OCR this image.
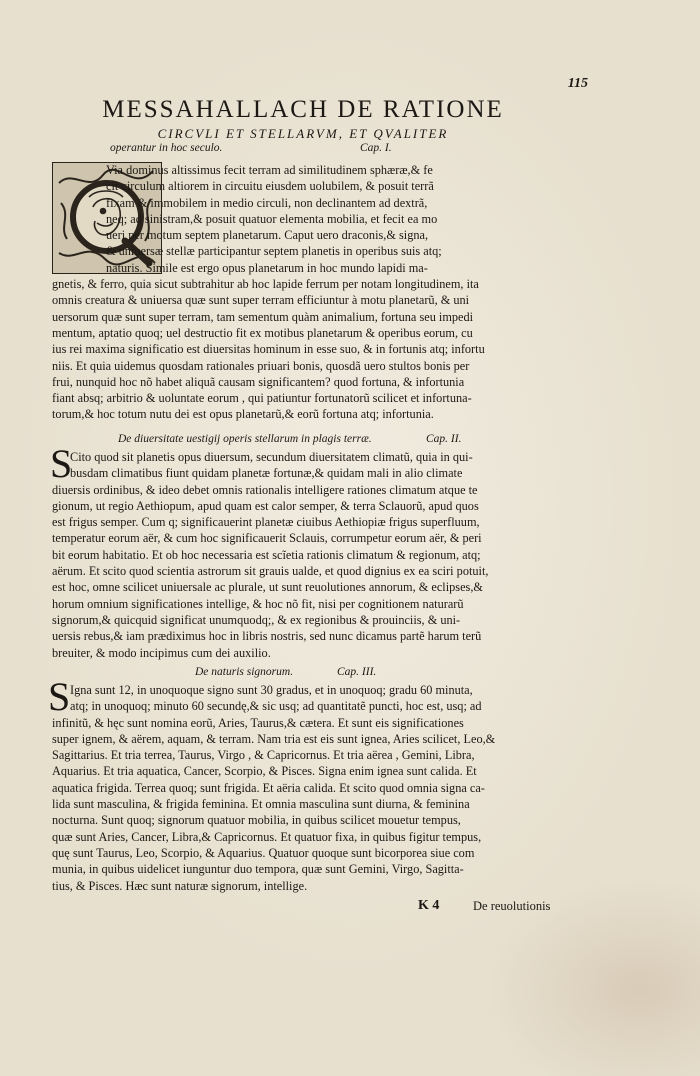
115
MESSAHALLACH DE RATIONE
CIRCVLI ET STELLARVM, ET QVALITER
operantur in hoc seculo.	Cap. I.
Via dominus altissimus fecit terram ad similitudinem sphæræ,& fe
cit circulum altiorem in circuitu eiusdem uolubilem, & posuit terrã
fixam & immobilem in medio circuli, non declinantem ad dextrã,
neq; ad sinistram,& posuit quatuor elementa mobilia, et fecit ea mo
ueri per motum septem planetarum. Caput uero draconis,& signa,
& uniuersæ stellæ participantur septem planetis in operibus suis atq;
naturis. Simile est ergo opus planetarum in hoc mundo lapidi ma-
gnetis, & ferro, quia sicut subtrahitur ab hoc lapide ferrum per notam longitudinem, ita
omnis creatura & uniuersa quæ sunt super terram efficiuntur à motu planetarũ, & uni
uersorum quæ sunt super terram, tam sementum quàm animalium, fortuna seu impedi
mentum, aptatio quoq; uel destructio fit ex motibus planetarum & operibus eorum, cu
ius rei maxima significatio est diuersitas hominum in esse suo, & in fortunis atq; infortu
niis. Et quia uidemus quosdam rationales priuari bonis, quosdã uero stultos bonis per
frui, nunquid hoc nõ habet aliquã causam significantem? quod fortuna, & infortunia
fiant absq; arbitrio & uoluntate eorum , qui patiuntur fortunatorũ scilicet et infortuna-
torum,& hoc totum nutu dei est opus planetarũ,& eorũ fortuna atq; infortunia.
De diuersitate uestigij operis stellarum in plagis terræ.	Cap. II.
S
Cito quod sit planetis opus diuersum, secundum diuersitatem climatũ, quia in qui-
busdam climatibus fiunt quidam planetæ fortunæ,& quidam mali in alio climate
diuersis ordinibus, & ideo debet omnis rationalis intelligere rationes climatum atque te
gionum, ut regio Aethiopum, apud quam est calor semper, & terra Sclauorũ, apud quos
est frigus semper. Cum q; significauerint planetæ ciuibus Aethiopiæ frigus superfluum,
temperatur eorum aër, & cum hoc significauerit Sclauis, corrumpetur eorum aër, & peri
bit eorum habitatio. Et ob hoc necessaria est scĩetia rationis climatum & regionum, atq;
aërum. Et scito quod scientia astrorum sit grauis ualde, et quod dignius ex ea sciri potuit,
est hoc, omne scilicet uniuersale ac plurale, ut sunt reuolutiones annorum, & eclipses,&
horum omnium significationes intellige, & hoc nõ fit, nisi per cognitionem naturarũ
signorum,& quicquid significat unumquodq;, & ex regionibus & prouinciis, & uni-
uersis rebus,& iam prædiximus hoc in libris nostris, sed nunc dicamus partẽ harum terũ
breuiter, & modo incipimus cum dei auxilio.
De naturis signorum.	Cap. III.
S Igna sunt 12, in unoquoque signo sunt 30 gradus, et in unoquoq; gradu 60 minuta,
atq; in unoquoq; minuto 60 secundę,& sic usq; ad quantitatẽ puncti, hoc est, usq; ad
infinitũ, & hęc sunt nomina eorũ, Aries, Taurus,& cætera. Et sunt eis significationes
super ignem, & aërem, aquam, & terram. Nam tria est eis sunt ignea, Aries scilicet, Leo,&
Sagittarius. Et tria terrea, Taurus, Virgo , & Capricornus. Et tria aërea , Gemini, Libra,
Aquarius. Et tria aquatica, Cancer, Scorpio, & Pisces. Signa enim ignea sunt calida. Et
aquatica frigida. Terrea quoq; sunt frigida. Et aëria calida. Et scito quod omnia signa ca-
lida sunt masculina, & frigida feminina. Et omnia masculina sunt diurna, & feminina
nocturna. Sunt quoq; signorum quatuor mobilia, in quibus scilicet mouetur tempus,
quæ sunt Aries, Cancer, Libra,& Capricornus. Et quatuor fixa, in quibus figitur tempus,
quę sunt Taurus, Leo, Scorpio, & Aquarius. Quatuor quoque sunt bicorporea siue com
munia, in quibus uidelicet iunguntur duo tempora, quæ sunt Gemini, Virgo, Sagitta-
tius, & Pisces. Hæc sunt naturæ signorum, intellige.
K 4	De reuolutionis
